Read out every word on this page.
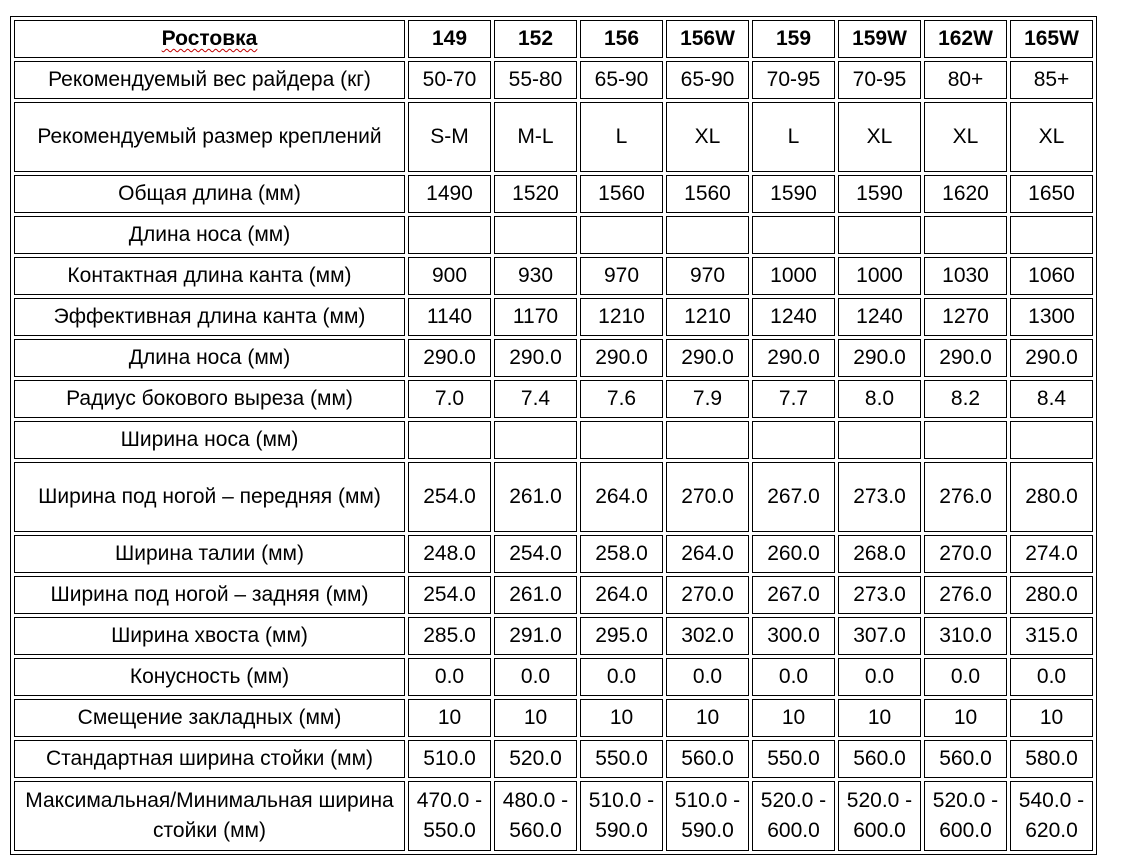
Ростовка	149	152	156	156W	159	159W	162W	165W
Рекомендуемый вес райдера (кг)	50-70	55-80	65-90	65-90	70-95	70-95	80+	85+
Рекомендуемый размер креплений	S-M	M-L	L	XL	L	XL	XL	XL
Общая длина (мм)	1490	1520	1560	1560	1590	1590	1620	1650
Длина носа (мм)								
Контактная длина канта (мм)	900	930	970	970	1000	1000	1030	1060
Эффективная длина канта (мм)	1140	1170	1210	1210	1240	1240	1270	1300
Длина носа (мм)	290.0	290.0	290.0	290.0	290.0	290.0	290.0	290.0
Радиус бокового выреза (мм)	7.0	7.4	7.6	7.9	7.7	8.0	8.2	8.4
Ширина носа (мм)								
Ширина под ногой – передняя (мм)	254.0	261.0	264.0	270.0	267.0	273.0	276.0	280.0
Ширина талии (мм)	248.0	254.0	258.0	264.0	260.0	268.0	270.0	274.0
Ширина под ногой – задняя (мм)	254.0	261.0	264.0	270.0	267.0	273.0	276.0	280.0
Ширина хвоста (мм)	285.0	291.0	295.0	302.0	300.0	307.0	310.0	315.0
Конусность (мм)	0.0	0.0	0.0	0.0	0.0	0.0	0.0	0.0
Смещение закладных (мм)	10	10	10	10	10	10	10	10
Стандартная ширина стойки (мм)	510.0	520.0	550.0	560.0	550.0	560.0	560.0	580.0
Максимальная/Минимальная ширина стойки (мм)	470.0 - 550.0	480.0 - 560.0	510.0 - 590.0	510.0 - 590.0	520.0 - 600.0	520.0 - 600.0	520.0 - 600.0	540.0 - 620.0
